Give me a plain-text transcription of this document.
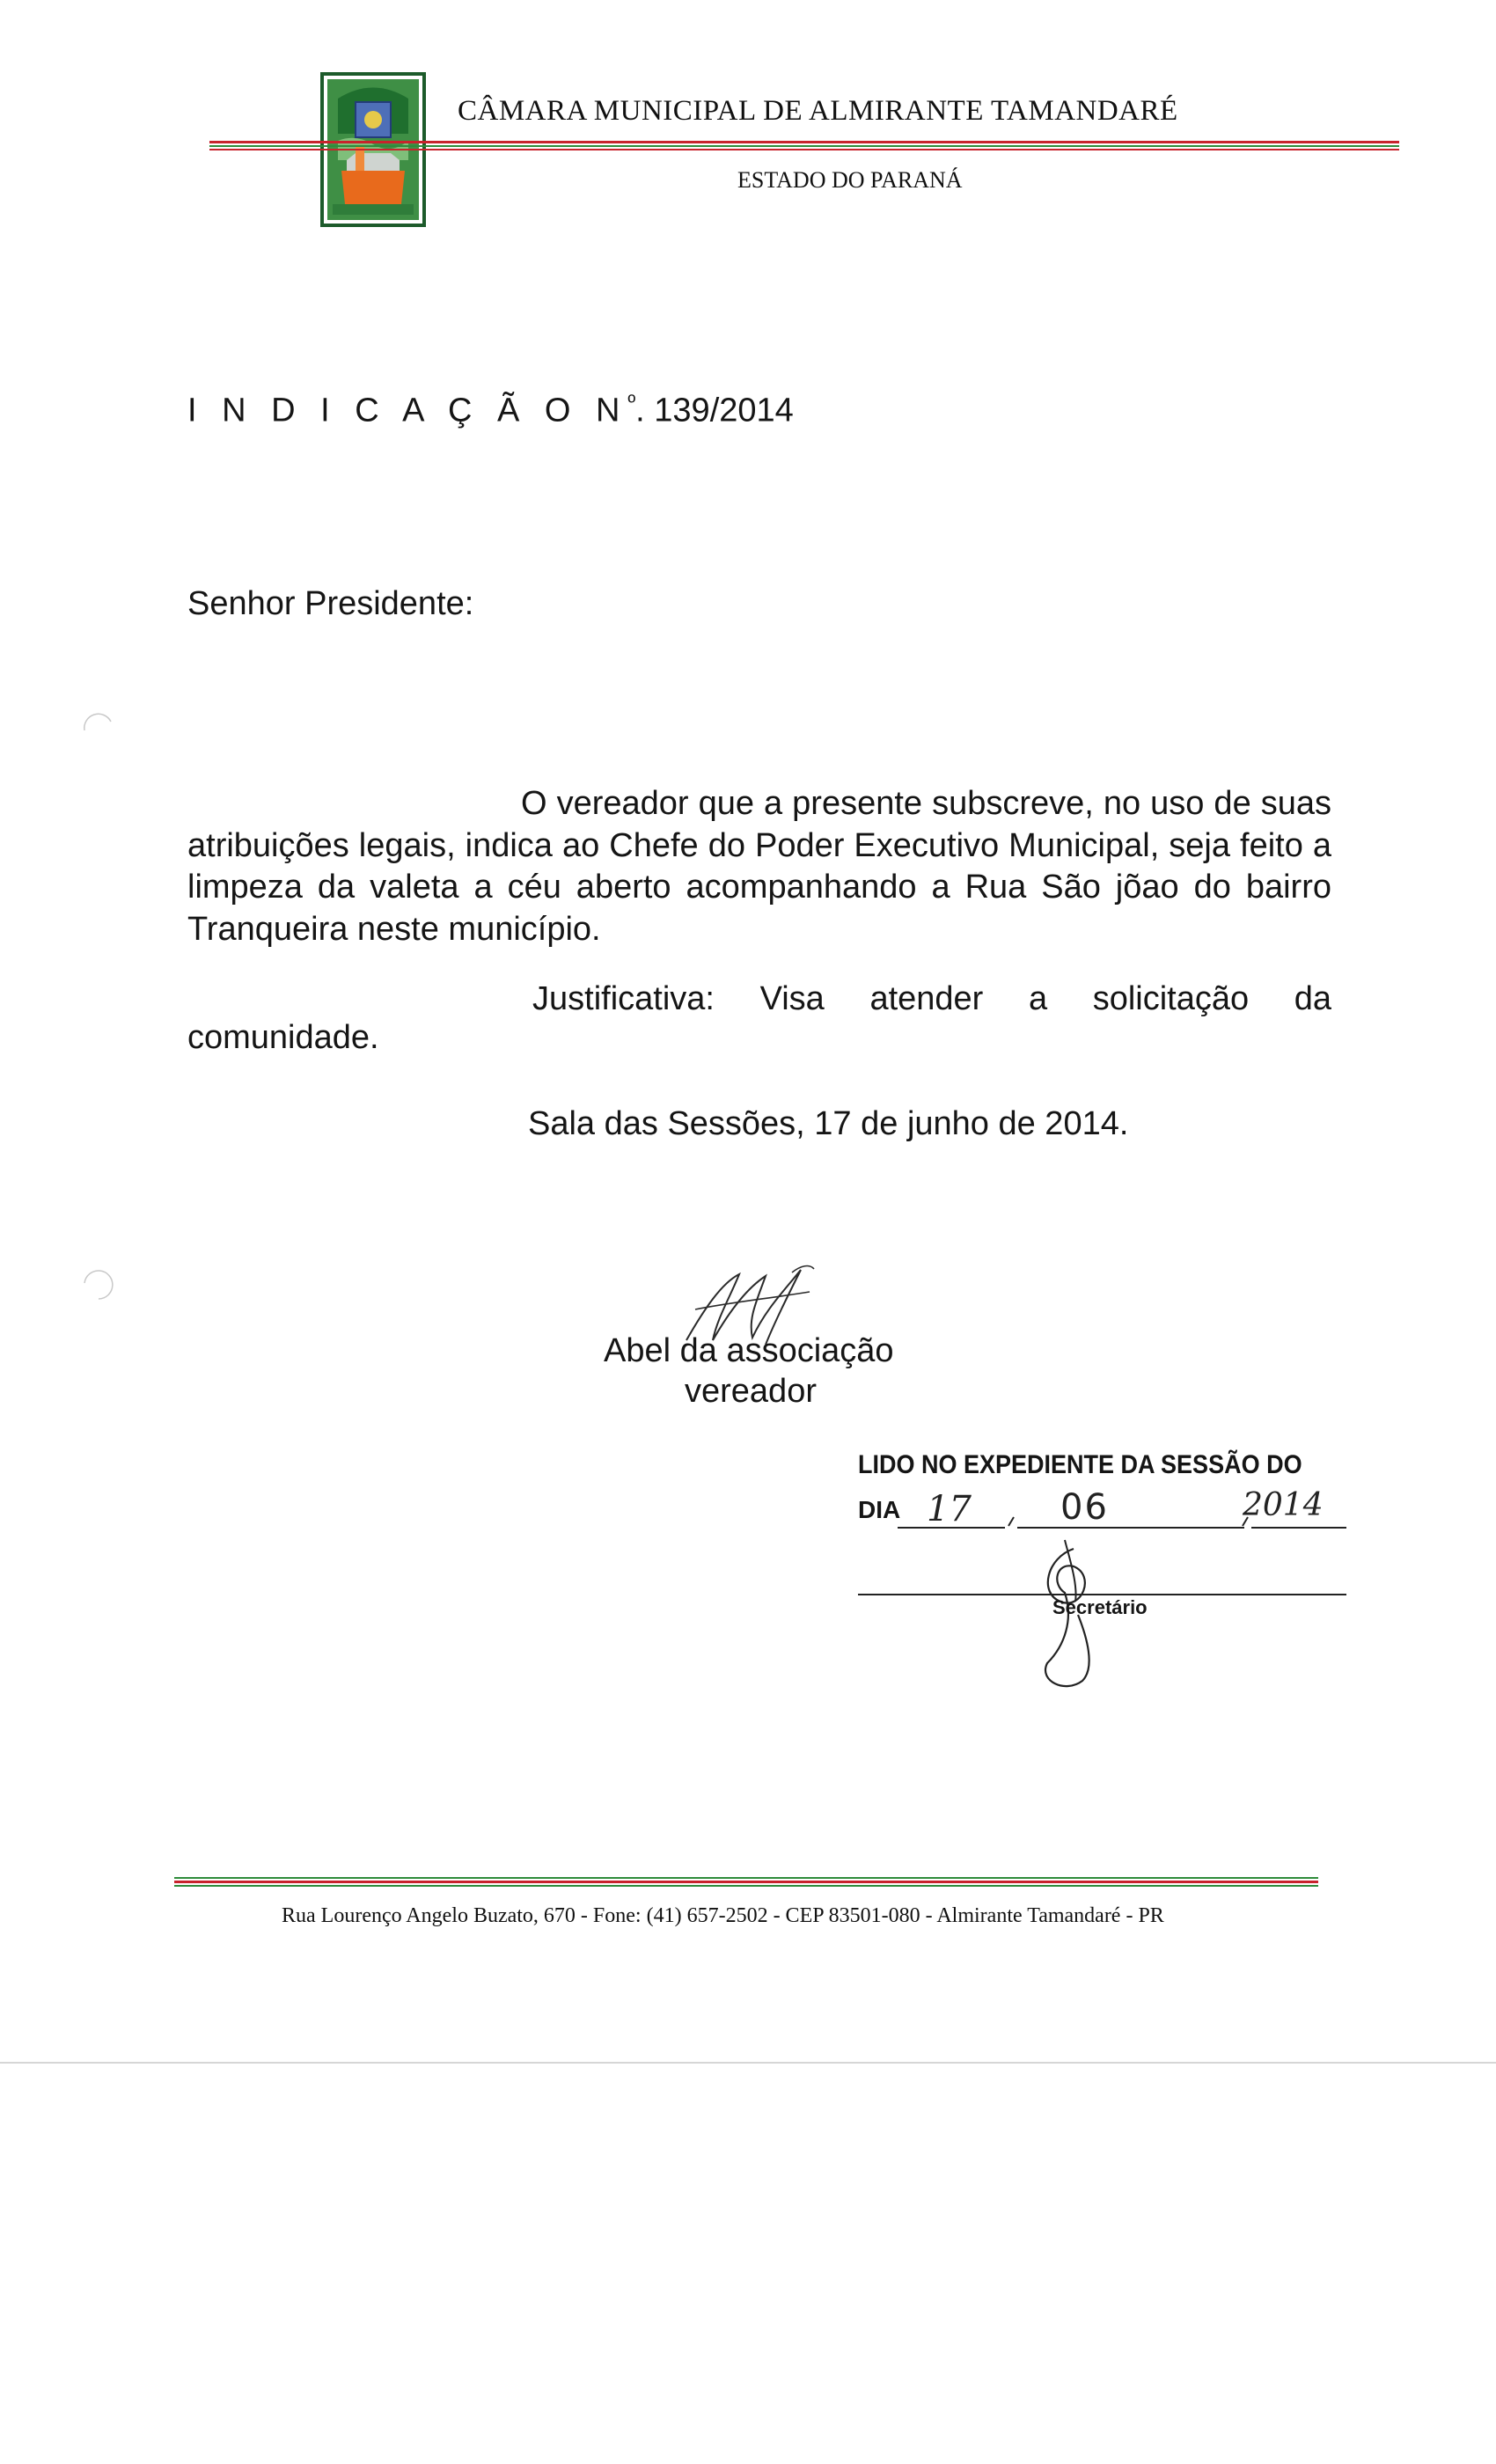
CÂMARA MUNICIPAL DE ALMIRANTE TAMANDARÉ
ESTADO DO PARANÁ
I N D I C A Ç Ã O $N^º$. 139/2014
Senhor Presidente:
O vereador que a presente subscreve, no uso de suas atribuições legais, indica ao Chefe do Poder Executivo Municipal, seja feito a limpeza da valeta a céu aberto acompanhando a Rua São jõao do bairro Tranqueira neste município.
Justificativa: Visa atender a solicitação da
comunidade.
Sala das Sessões, 17 de junho de 2014.
Abel da associação
vereador
LIDO NO EXPEDIENTE DA SESSÃO DO
DIA 17	06	2014
Secretário
Rua Lourenço Angelo Buzato, 670 - Fone: (41) 657-2502 - CEP 83501-080 - Almirante Tamandaré - PR
